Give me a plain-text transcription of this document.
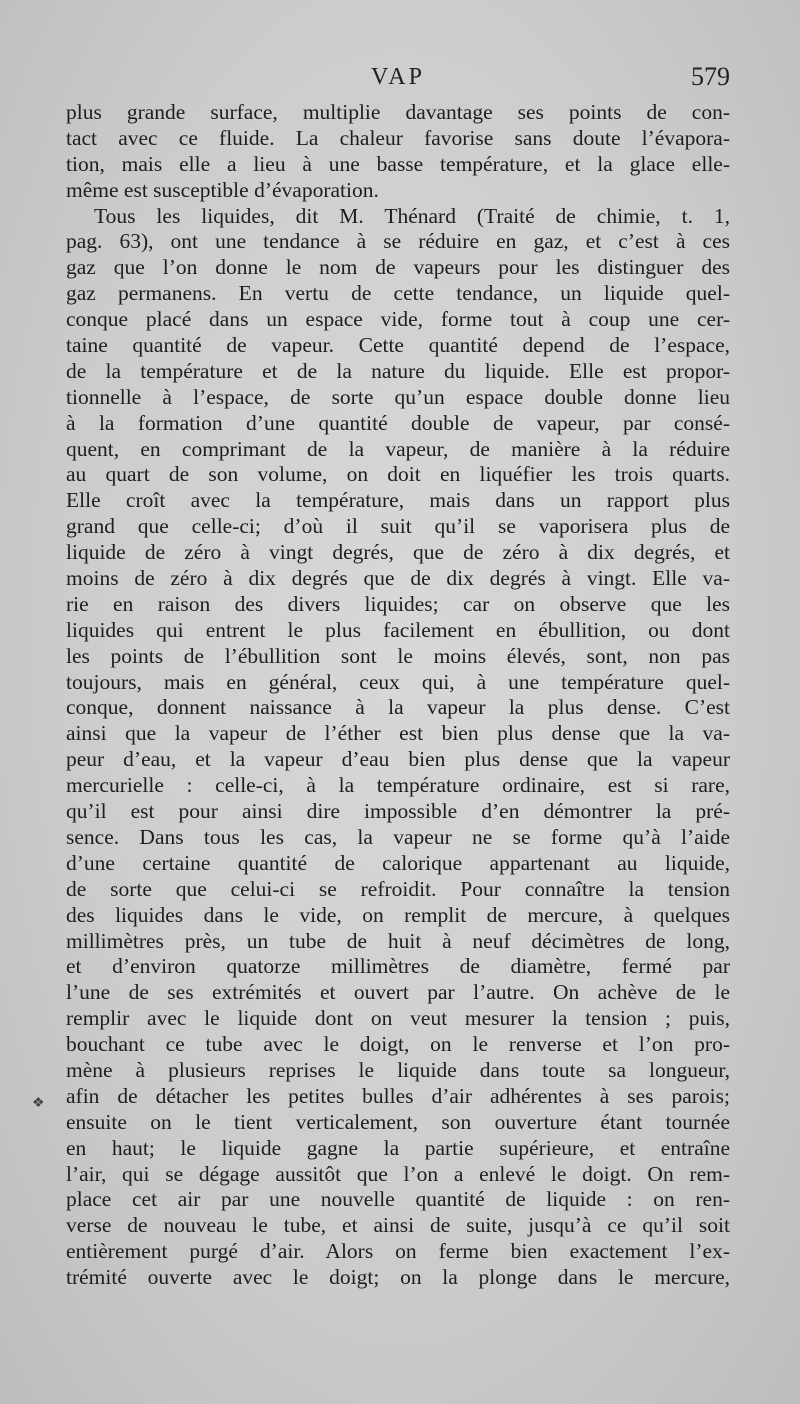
VAP	579
❖
plus grande surface, multiplie davantage ses points de con-
tact avec ce fluide. La chaleur favorise sans doute l’évapora-
tion, mais elle a lieu à une basse température, et la glace elle-
même est susceptible d’évaporation.
Tous les liquides, dit M. Thénard (Traité de chimie, t. 1,
pag. 63), ont une tendance à se réduire en gaz, et c’est à ces
gaz que l’on donne le nom de vapeurs pour les distinguer des
gaz permanens. En vertu de cette tendance, un liquide quel-
conque placé dans un espace vide, forme tout à coup une cer-
taine quantité de vapeur. Cette quantité depend de l’espace,
de la température et de la nature du liquide. Elle est propor-
tionnelle à l’espace, de sorte qu’un espace double donne lieu
à la formation d’une quantité double de vapeur, par consé-
quent, en comprimant de la vapeur, de manière à la réduire
au quart de son volume, on doit en liquéfier les trois quarts.
Elle croît avec la température, mais dans un rapport plus
grand que celle-ci; d’où il suit qu’il se vaporisera plus de
liquide de zéro à vingt degrés, que de zéro à dix degrés, et
moins de zéro à dix degrés que de dix degrés à vingt. Elle va-
rie en raison des divers liquides; car on observe que les
liquides qui entrent le plus facilement en ébullition, ou dont
les points de l’ébullition sont le moins élevés, sont, non pas
toujours, mais en général, ceux qui, à une température quel-
conque, donnent naissance à la vapeur la plus dense. C’est
ainsi que la vapeur de l’éther est bien plus dense que la va-
peur d’eau, et la vapeur d’eau bien plus dense que la vapeur
mercurielle : celle-ci, à la température ordinaire, est si rare,
qu’il est pour ainsi dire impossible d’en démontrer la pré-
sence. Dans tous les cas, la vapeur ne se forme qu’à l’aide
d’une certaine quantité de calorique appartenant au liquide,
de sorte que celui-ci se refroidit. Pour connaître la tension
des liquides dans le vide, on remplit de mercure, à quelques
millimètres près, un tube de huit à neuf décimètres de long,
et d’environ quatorze millimètres de diamètre, fermé par
l’une de ses extrémités et ouvert par l’autre. On achève de le
remplir avec le liquide dont on veut mesurer la tension ; puis,
bouchant ce tube avec le doigt, on le renverse et l’on pro-
mène à plusieurs reprises le liquide dans toute sa longueur,
afin de détacher les petites bulles d’air adhérentes à ses parois;
ensuite on le tient verticalement, son ouverture étant tournée
en haut; le liquide gagne la partie supérieure, et entraîne
l’air, qui se dégage aussitôt que l’on a enlevé le doigt. On rem-
place cet air par une nouvelle quantité de liquide : on ren-
verse de nouveau le tube, et ainsi de suite, jusqu’à ce qu’il soit
entièrement purgé d’air. Alors on ferme bien exactement l’ex-
trémité ouverte avec le doigt; on la plonge dans le mercure,
